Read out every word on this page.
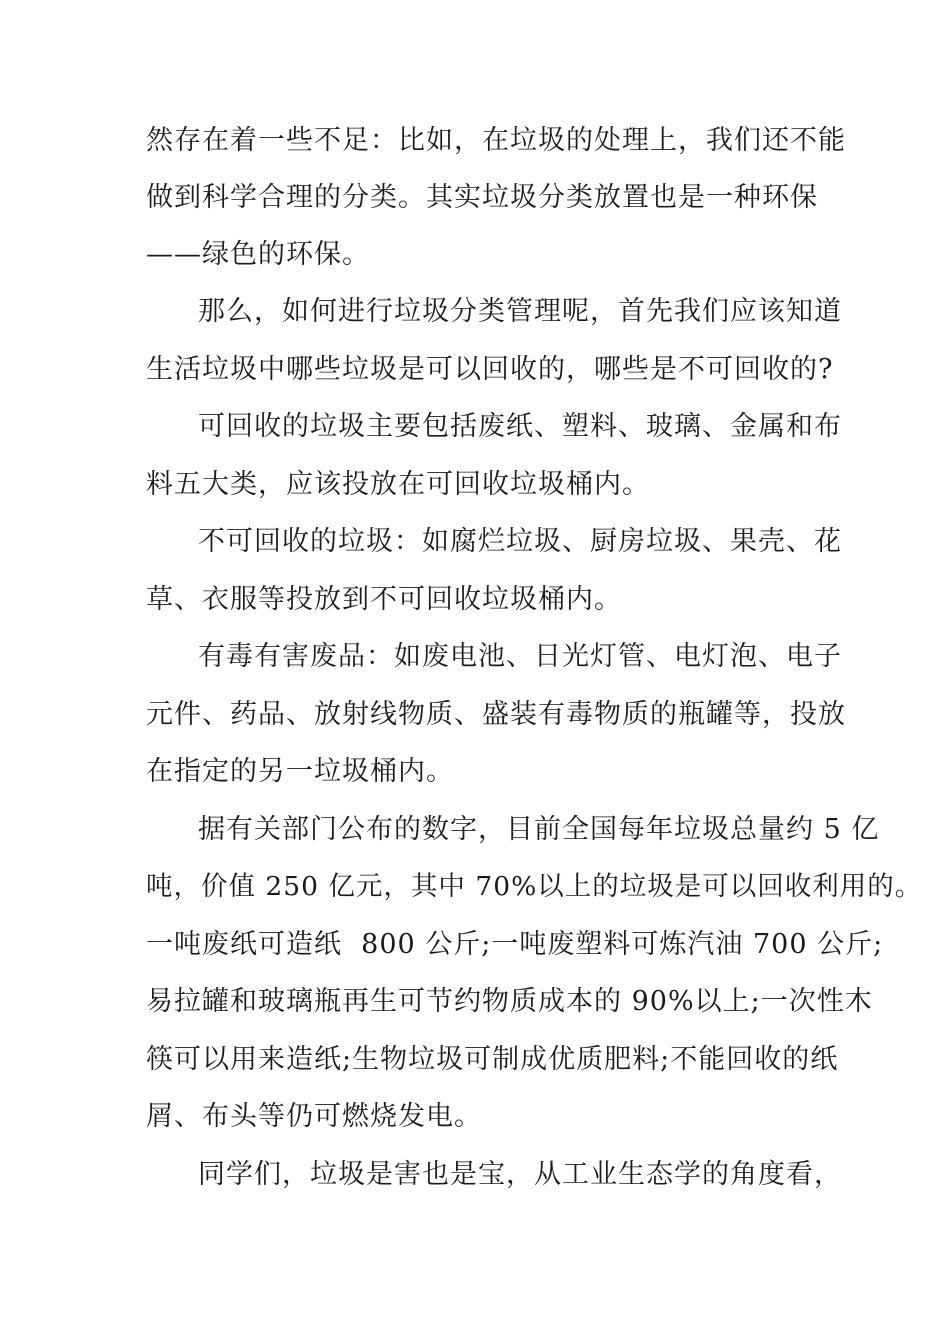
然存在着一些不足：比如，在垃圾的处理上，我们还不能
做到科学合理的分类。其实垃圾分类放置也是一种环保
——绿色的环保。
那么，如何进行垃圾分类管理呢，首先我们应该知道
生活垃圾中哪些垃圾是可以回收的，哪些是不可回收的?
可回收的垃圾主要包括废纸、塑料、玻璃、金属和布
料五大类，应该投放在可回收垃圾桶内。
不可回收的垃圾：如腐烂垃圾、厨房垃圾、果壳、花
草、衣服等投放到不可回收垃圾桶内。
有毒有害废品：如废电池、日光灯管、电灯泡、电子
元件、药品、放射线物质、盛装有毒物质的瓶罐等，投放
在指定的另一垃圾桶内。
据有关部门公布的数字，目前全国每年垃圾总量约 5 亿
吨，价值 250 亿元，其中 70%以上的垃圾是可以回收利用的。
一吨废纸可造纸  800 公斤;一吨废塑料可炼汽油 700 公斤;
易拉罐和玻璃瓶再生可节约物质成本的 90%以上;一次性木
筷可以用来造纸;生物垃圾可制成优质肥料;不能回收的纸
屑、布头等仍可燃烧发电。
同学们，垃圾是害也是宝，从工业生态学的角度看，
